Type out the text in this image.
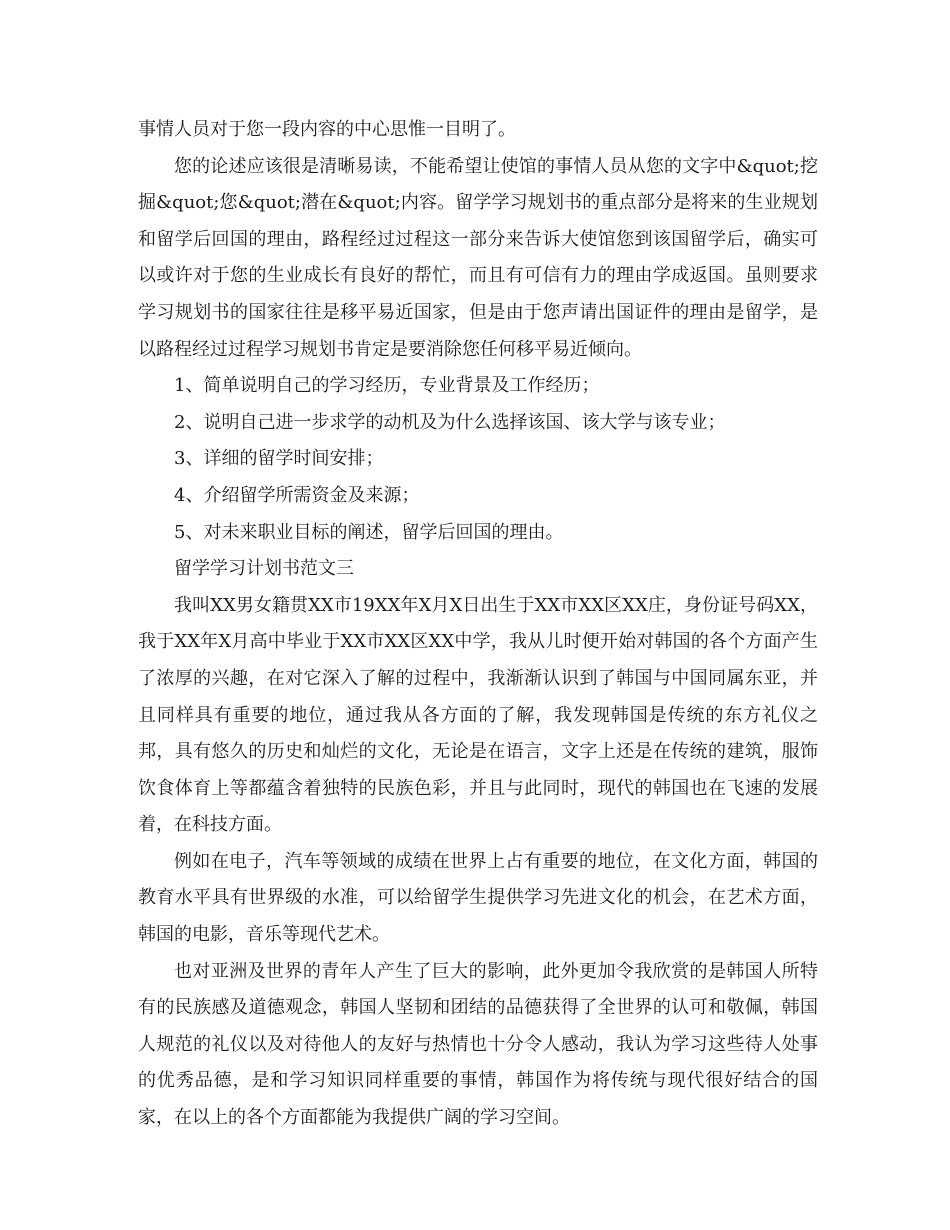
事情人员对于您一段内容的中心思惟一目明了。

您的论述应该很是清晰易读，不能希望让使馆的事情人员从您的文字中&quot;挖掘&quot;您&quot;潜在&quot;内容。留学学习规划书的重点部分是将来的生业规划和留学后回国的理由，路程经过过程这一部分来告诉大使馆您到该国留学后，确实可以或许对于您的生业成长有良好的帮忙，而且有可信有力的理由学成返国。虽则要求学习规划书的国家往往是移平易近国家，但是由于您声请出国证件的理由是留学，是以路程经过过程学习规划书肯定是要消除您任何移平易近倾向。

1、简单说明自己的学习经历，专业背景及工作经历；

2、说明自己进一步求学的动机及为什么选择该国、该大学与该专业；

3、详细的留学时间安排；

4、介绍留学所需资金及来源；

5、对未来职业目标的阐述，留学后回国的理由。

留学学习计划书范文三

我叫XX男女籍贯XX市19XX年X月X日出生于XX市XX区XX庄，身份证号码XX，我于XX年X月高中毕业于XX市XX区XX中学，我从儿时便开始对韩国的各个方面产生了浓厚的兴趣，在对它深入了解的过程中，我渐渐认识到了韩国与中国同属东亚，并且同样具有重要的地位，通过我从各方面的了解，我发现韩国是传统的东方礼仪之邦，具有悠久的历史和灿烂的文化，无论是在语言，文字上还是在传统的建筑，服饰饮食体育上等都蕴含着独特的民族色彩，并且与此同时，现代的韩国也在飞速的发展着，在科技方面。

例如在电子，汽车等领域的成绩在世界上占有重要的地位，在文化方面，韩国的教育水平具有世界级的水准，可以给留学生提供学习先进文化的机会，在艺术方面，韩国的电影，音乐等现代艺术。

也对亚洲及世界的青年人产生了巨大的影响，此外更加令我欣赏的是韩国人所特有的民族感及道德观念，韩国人坚韧和团结的品德获得了全世界的认可和敬佩，韩国人规范的礼仪以及对待他人的友好与热情也十分令人感动，我认为学习这些待人处事的优秀品德，是和学习知识同样重要的事情，韩国作为将传统与现代很好结合的国家，在以上的各个方面都能为我提供广阔的学习空间。
